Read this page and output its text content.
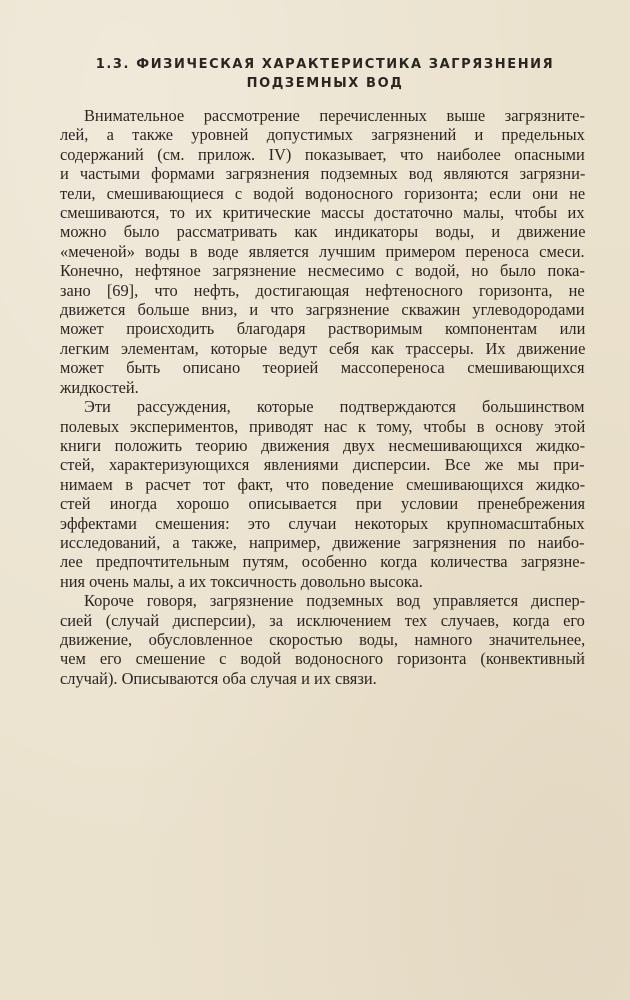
1.3. ФИЗИЧЕСКАЯ ХАРАКТЕРИСТИКА ЗАГРЯЗНЕНИЯ
ПОДЗЕМНЫХ ВОД
Внимательное рассмотрение перечисленных выше загрязните-
лей, а также уровней допустимых загрязнений и предельных
содержаний (см. прилож. IV) показывает, что наиболее опасными
и частыми формами загрязнения подземных вод являются загрязни-
тели, смешивающиеся с водой водоносного горизонта; если они не
смешиваются, то их критические массы достаточно малы, чтобы их
можно было рассматривать как индикаторы воды, и движение
«меченой» воды в воде является лучшим примером переноса смеси.
Конечно, нефтяное загрязнение несмесимо с водой, но было пока-
зано [69], что нефть, достигающая нефтеносного горизонта, не
движется больше вниз, и что загрязнение скважин углеводородами
может происходить благодаря растворимым компонентам или
легким элементам, которые ведут себя как трассеры. Их движение
может быть описано теорией массопереноса смешивающихся
жидкостей.
Эти рассуждения, которые подтверждаются большинством
полевых экспериментов, приводят нас к тому, чтобы в основу этой
книги положить теорию движения двух несмешивающихся жидко-
стей, характеризующихся явлениями дисперсии. Все же мы при-
нимаем в расчет тот факт, что поведение смешивающихся жидко-
стей иногда хорошо описывается при условии пренебрежения
эффектами смешения: это случаи некоторых крупномасштабных
исследований, а также, например, движение загрязнения по наибо-
лее предпочтительным путям, особенно когда количества загрязне-
ния очень малы, а их токсичность довольно высока.
Короче говоря, загрязнение подземных вод управляется диспер-
сией (случай дисперсии), за исключением тех случаев, когда его
движение, обусловленное скоростью воды, намного значительнее,
чем его смешение с водой водоносного горизонта (конвективный
случай). Описываются оба случая и их связи.
